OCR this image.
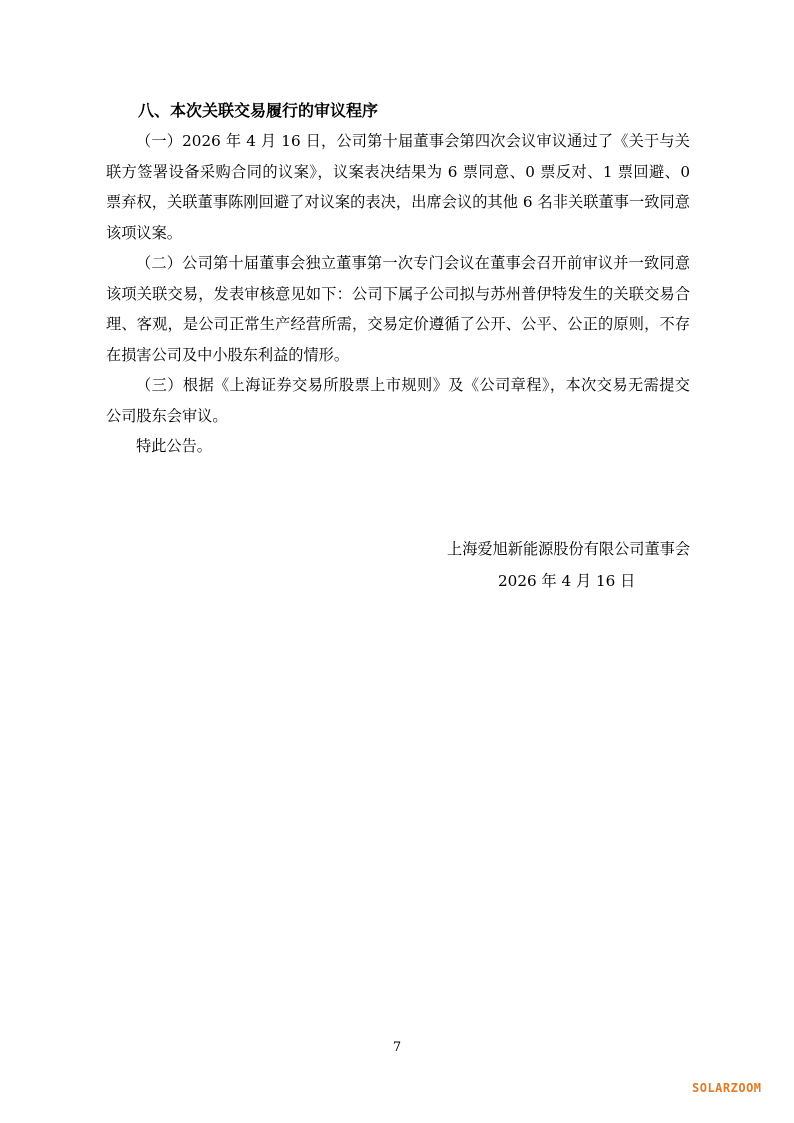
八、本次关联交易履行的审议程序

（一）2026 年 4 月 16 日，公司第十届董事会第四次会议审议通过了《关于与关联方签署设备采购合同的议案》，议案表决结果为 6 票同意、0 票反对、1 票回避、0 票弃权，关联董事陈刚回避了对议案的表决，出席会议的其他 6 名非关联董事一致同意该项议案。

（二）公司第十届董事会独立董事第一次专门会议在董事会召开前审议并一致同意该项关联交易，发表审核意见如下：公司下属子公司拟与苏州普伊特发生的关联交易合理、客观，是公司正常生产经营所需，交易定价遵循了公开、公平、公正的原则，不存在损害公司及中小股东利益的情形。

（三）根据《上海证券交易所股票上市规则》及《公司章程》，本次交易无需提交公司股东会审议。

特此公告。

上海爱旭新能源股份有限公司董事会
2026 年 4 月 16 日
7
SOLARZOOM
